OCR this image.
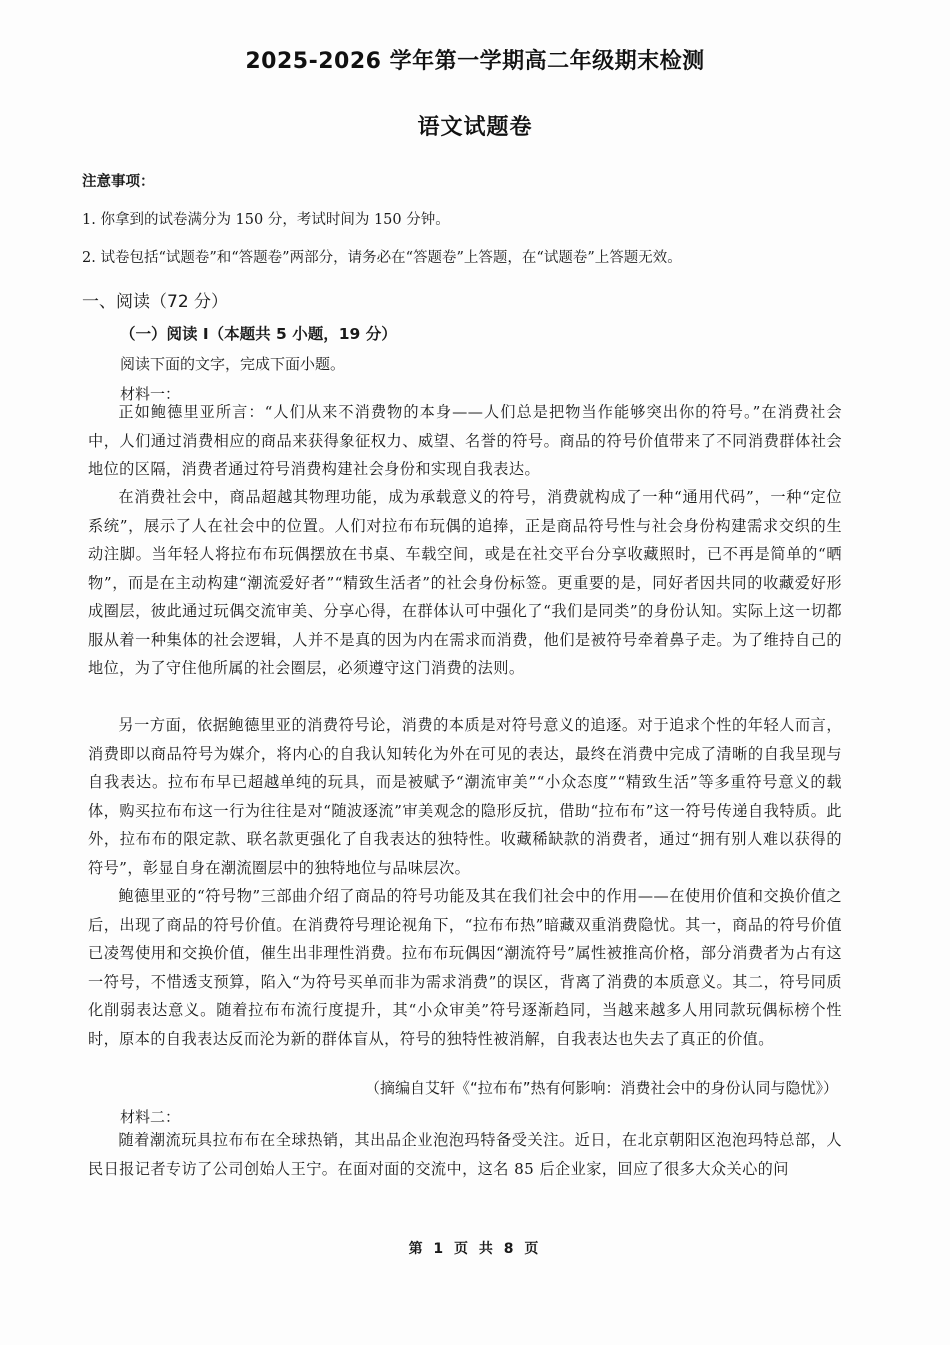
2025-2026 学年第一学期高二年级期末检测
语文试题卷
注意事项：
1. 你拿到的试卷满分为 150 分，考试时间为 150 分钟。
2. 试卷包括“试题卷”和“答题卷”两部分，请务必在“答题卷”上答题，在“试题卷”上答题无效。
一、阅读（72 分）
（一）阅读 I（本题共 5 小题，19 分）
阅读下面的文字，完成下面小题。
材料一：

正如鲍德里亚所言：“人们从来不消费物的本身——人们总是把物当作能够突出你的符号。”在消费社会中，人们通过消费相应的商品来获得象征权力、威望、名誉的符号。商品的符号价值带来了不同消费群体社会地位的区隔，消费者通过符号消费构建社会身份和实现自我表达。

在消费社会中，商品超越其物理功能，成为承载意义的符号，消费就构成了一种“通用代码”，一种“定位系统”，展示了人在社会中的位置。人们对拉布布玩偶的追捧，正是商品符号性与社会身份构建需求交织的生动注脚。当年轻人将拉布布玩偶摆放在书桌、车载空间，或是在社交平台分享收藏照时，已不再是简单的“晒物”，而是在主动构建“潮流爱好者”“精致生活者”的社会身份标签。更重要的是，同好者因共同的收藏爱好形成圈层，彼此通过玩偶交流审美、分享心得，在群体认可中强化了“我们是同类”的身份认知。实际上这一切都服从着一种集体的社会逻辑，人并不是真的因为内在需求而消费，他们是被符号牵着鼻子走。为了维持自己的地位，为了守住他所属的社会圈层，必须遵守这门消费的法则。

另一方面，依据鲍德里亚的消费符号论，消费的本质是对符号意义的追逐。对于追求个性的年轻人而言，消费即以商品符号为媒介，将内心的自我认知转化为外在可见的表达，最终在消费中完成了清晰的自我呈现与自我表达。拉布布早已超越单纯的玩具，而是被赋予“潮流审美”“小众态度”“精致生活”等多重符号意义的载体，购买拉布布这一行为往往是对“随波逐流”审美观念的隐形反抗，借助“拉布布”这一符号传递自我特质。此外，拉布布的限定款、联名款更强化了自我表达的独特性。收藏稀缺款的消费者，通过“拥有别人难以获得的符号”，彰显自身在潮流圈层中的独特地位与品味层次。

鲍德里亚的“符号物”三部曲介绍了商品的符号功能及其在我们社会中的作用——在使用价值和交换价值之后，出现了商品的符号价值。在消费符号理论视角下，“拉布布热”暗藏双重消费隐忧。其一，商品的符号价值已凌驾使用和交换价值，催生出非理性消费。拉布布玩偶因“潮流符号”属性被推高价格，部分消费者为占有这一符号，不惜透支预算，陷入“为符号买单而非为需求消费”的误区，背离了消费的本质意义。其二，符号同质化削弱表达意义。随着拉布布流行度提升，其“小众审美”符号逐渐趋同，当越来越多人用同款玩偶标榜个性时，原本的自我表达反而沦为新的群体盲从，符号的独特性被消解，自我表达也失去了真正的价值。

（摘编自艾轩《“拉布布”热有何影响：消费社会中的身份认同与隐忧》）
材料二：

随着潮流玩具拉布布在全球热销，其出品企业泡泡玛特备受关注。近日，在北京朝阳区泡泡玛特总部，人民日报记者专访了公司创始人王宁。在面对面的交流中，这名 85 后企业家，回应了很多大众关心的问

第 1 页 共 8 页
